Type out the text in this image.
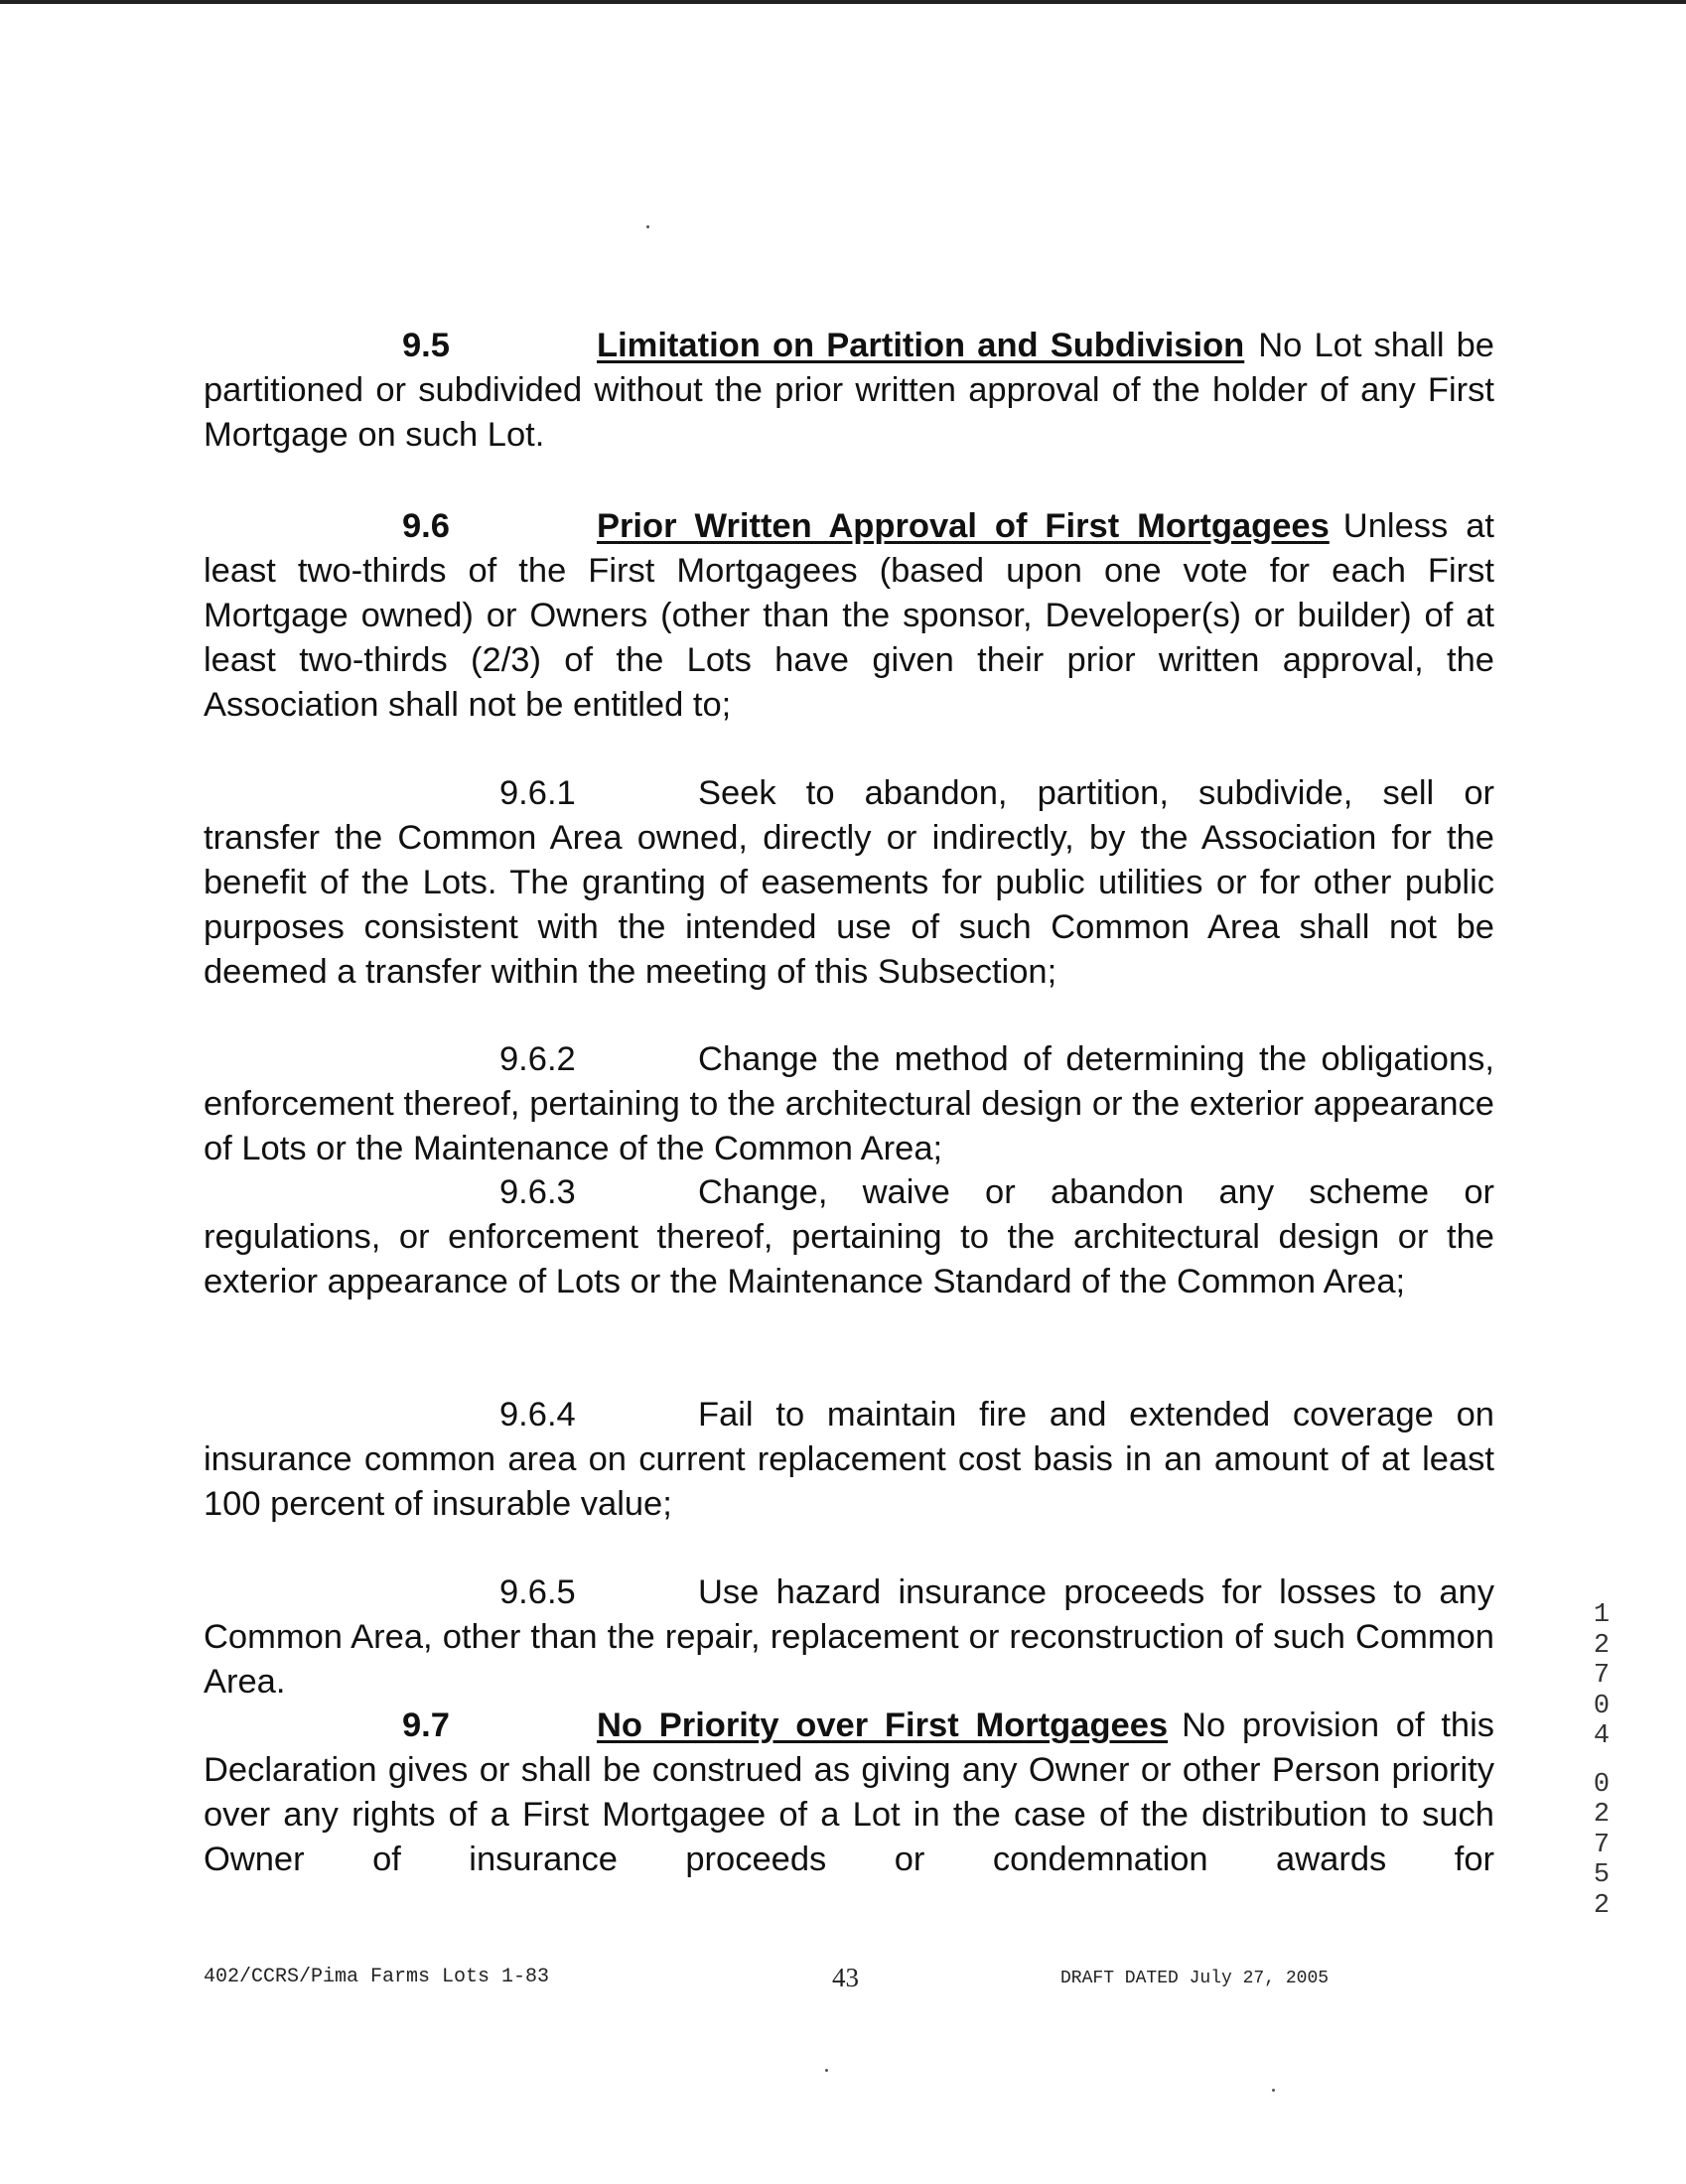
9.5	Limitation on Partition and Subdivision No Lot shall be partitioned or subdivided without the prior written approval of the holder of any First Mortgage on such Lot.

9.6	Prior Written Approval of First Mortgagees Unless at least two-thirds of the First Mortgagees (based upon one vote for each First Mortgage owned) or Owners (other than the sponsor, Developer(s) or builder) of at least two-thirds (2/3) of the Lots have given their prior written approval, the Association shall not be entitled to;

9.6.1	Seek to abandon, partition, subdivide, sell or transfer the Common Area owned, directly or indirectly, by the Association for the benefit of the Lots. The granting of easements for public utilities or for other public purposes consistent with the intended use of such Common Area shall not be deemed a transfer within the meeting of this Subsection;

9.6.2	Change the method of determining the obligations, enforcement thereof, pertaining to the architectural design or the exterior appearance of Lots or the Maintenance of the Common Area;

9.6.3	Change, waive or abandon any scheme or regulations, or enforcement thereof, pertaining to the architectural design or the exterior appearance of Lots or the Maintenance Standard of the Common Area;

9.6.4	Fail to maintain fire and extended coverage on insurance common area on current replacement cost basis in an amount of at least 100 percent of insurable value;

9.6.5	Use hazard insurance proceeds for losses to any Common Area, other than the repair, replacement or reconstruction of such Common Area.

9.7	No Priority over First Mortgagees No provision of this Declaration gives or shall be construed as giving any Owner or other Person priority over any rights of a First Mortgagee of a Lot in the case of the distribution to such Owner of insurance proceeds or condemnation awards for

402/CCRS/Pima Farms Lots 1-83	43	DRAFT DATED July 27, 2005
1
2
7
0
4
0
2
7
5
2
